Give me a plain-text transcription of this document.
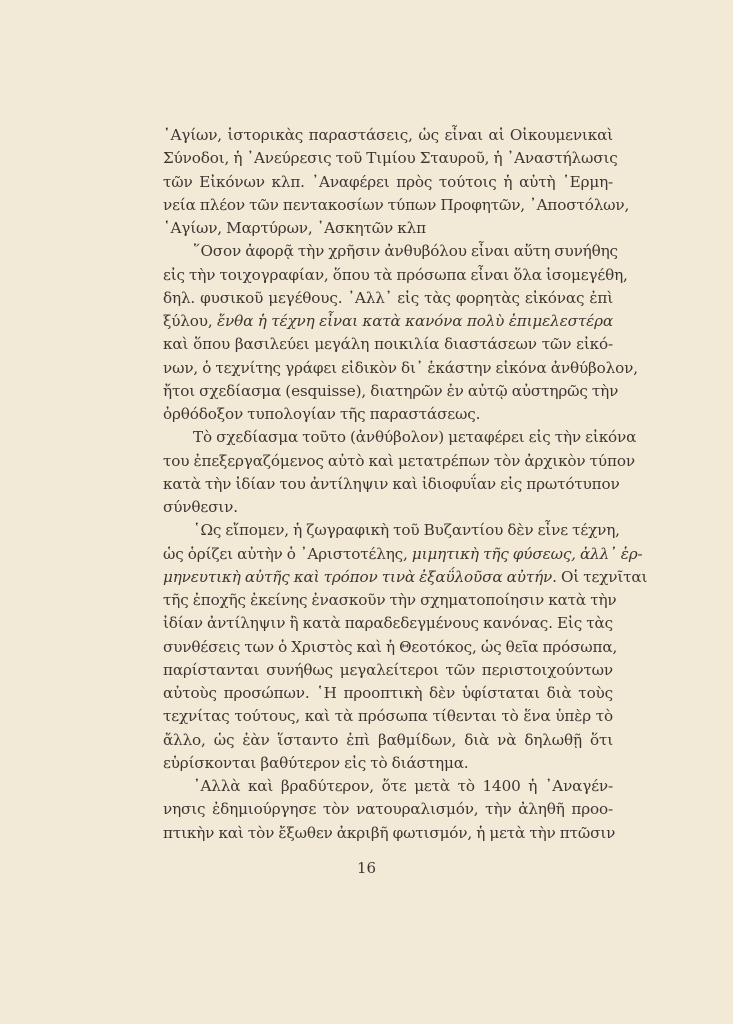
῾Αγίων, ἱστορικὰς παραστάσεις, ὡς εἶναι αἱ Οἰκουμενικαὶ
Σύνοδοι, ἡ ᾿Ανεύρεσις τοῦ Τιμίου Σταυροῦ, ἡ ᾿Αναστήλωσις
τῶν Εἰκόνων κλπ. ᾿Αναφέρει πρὸς τούτοις ἡ αὐτὴ ῾Ερμη-
νεία πλέον τῶν πεντακοσίων τύπων Προφητῶν, ᾿Αποστόλων,
῾Αγίων, Μαρτύρων, ᾿Ασκητῶν κλπ
῞Οσον ἀφορᾷ τὴν χρῆσιν ἀνθυβόλου εἶναι αὕτη συνήθης
εἰς τὴν τοιχογραφίαν, ὅπου τὰ πρόσωπα εἶναι ὅλα ἰσομεγέθη,
δηλ. φυσικοῦ μεγέθους. ᾿Αλλ᾿ εἰς τὰς φορητὰς εἰκόνας ἐπὶ
ξύλου, ἔνθα ἡ τέχνη εἶναι κατὰ κανόνα πολὺ ἐπιμελεστέρα
καὶ ὅπου βασιλεύει μεγάλη ποικιλία διαστάσεων τῶν εἰκό-
νων, ὁ τεχνίτης γράφει εἰδικὸν δι᾿ ἑκάστην εἰκόνα ἀνθύβολον,
ἤτοι σχεδίασμα (esquisse), διατηρῶν ἐν αὐτῷ αὐστηρῶς τὴν
ὀρθόδοξον τυπολογίαν τῆς παραστάσεως.
Τὸ σχεδίασμα τοῦτο (ἀνθύβολον) μεταφέρει εἰς τὴν εἰκόνα
του ἐπεξεργαζόμενος αὐτὸ καὶ μετατρέπων τὸν ἀρχικὸν τύπον
κατὰ τὴν ἰδίαν του ἀντίληψιν καὶ ἰδιοφυΐαν εἰς πρωτότυπον
σύνθεσιν.
῾Ως εἴπομεν, ἡ ζωγραφικὴ τοῦ Βυζαντίου δὲν εἶνε τέχνη,
ὡς ὁρίζει αὐτὴν ὁ ᾿Αριστοτέλης, μιμητικὴ τῆς φύσεως, ἀλλ᾿ ἑρ-
μηνευτικὴ αὐτῆς καὶ τρόπον τινὰ ἐξαΰλοῦσα αὐτήν. Οἱ τεχνῖται
τῆς ἐποχῆς ἐκείνης ἐνασκοῦν τὴν σχηματοποίησιν κατὰ τὴν
ἰδίαν ἀντίληψιν ἢ κατὰ παραδεδεγμένους κανόνας. Εἰς τὰς
συνθέσεις των ὁ Χριστὸς καὶ ἡ Θεοτόκος, ὡς θεῖα πρόσωπα,
παρίστανται συνήθως μεγαλείτεροι τῶν περιστοιχούντων
αὐτοὺς προσώπων. ῾Η προοπτικὴ δὲν ὑφίσταται διὰ τοὺς
τεχνίτας τούτους, καὶ τὰ πρόσωπα τίθενται τὸ ἕνα ὑπὲρ τὸ
ἄλλο, ὡς ἐὰν ἵσταντο ἐπὶ βαθμίδων, διὰ νὰ δηλωθῇ ὅτι
εὑρίσκονται βαθύτερον εἰς τὸ διάστημα.
᾿Αλλὰ καὶ βραδύτερον, ὅτε μετὰ τὸ 1400 ἡ ᾿Αναγέν-
νησις ἐδημιούργησε τὸν νατουραλισμόν, τὴν ἀληθῆ προο-
πτικὴν καὶ τὸν ἔξωθεν ἀκριβῆ φωτισμόν, ἡ μετὰ τὴν πτῶσιν
16
